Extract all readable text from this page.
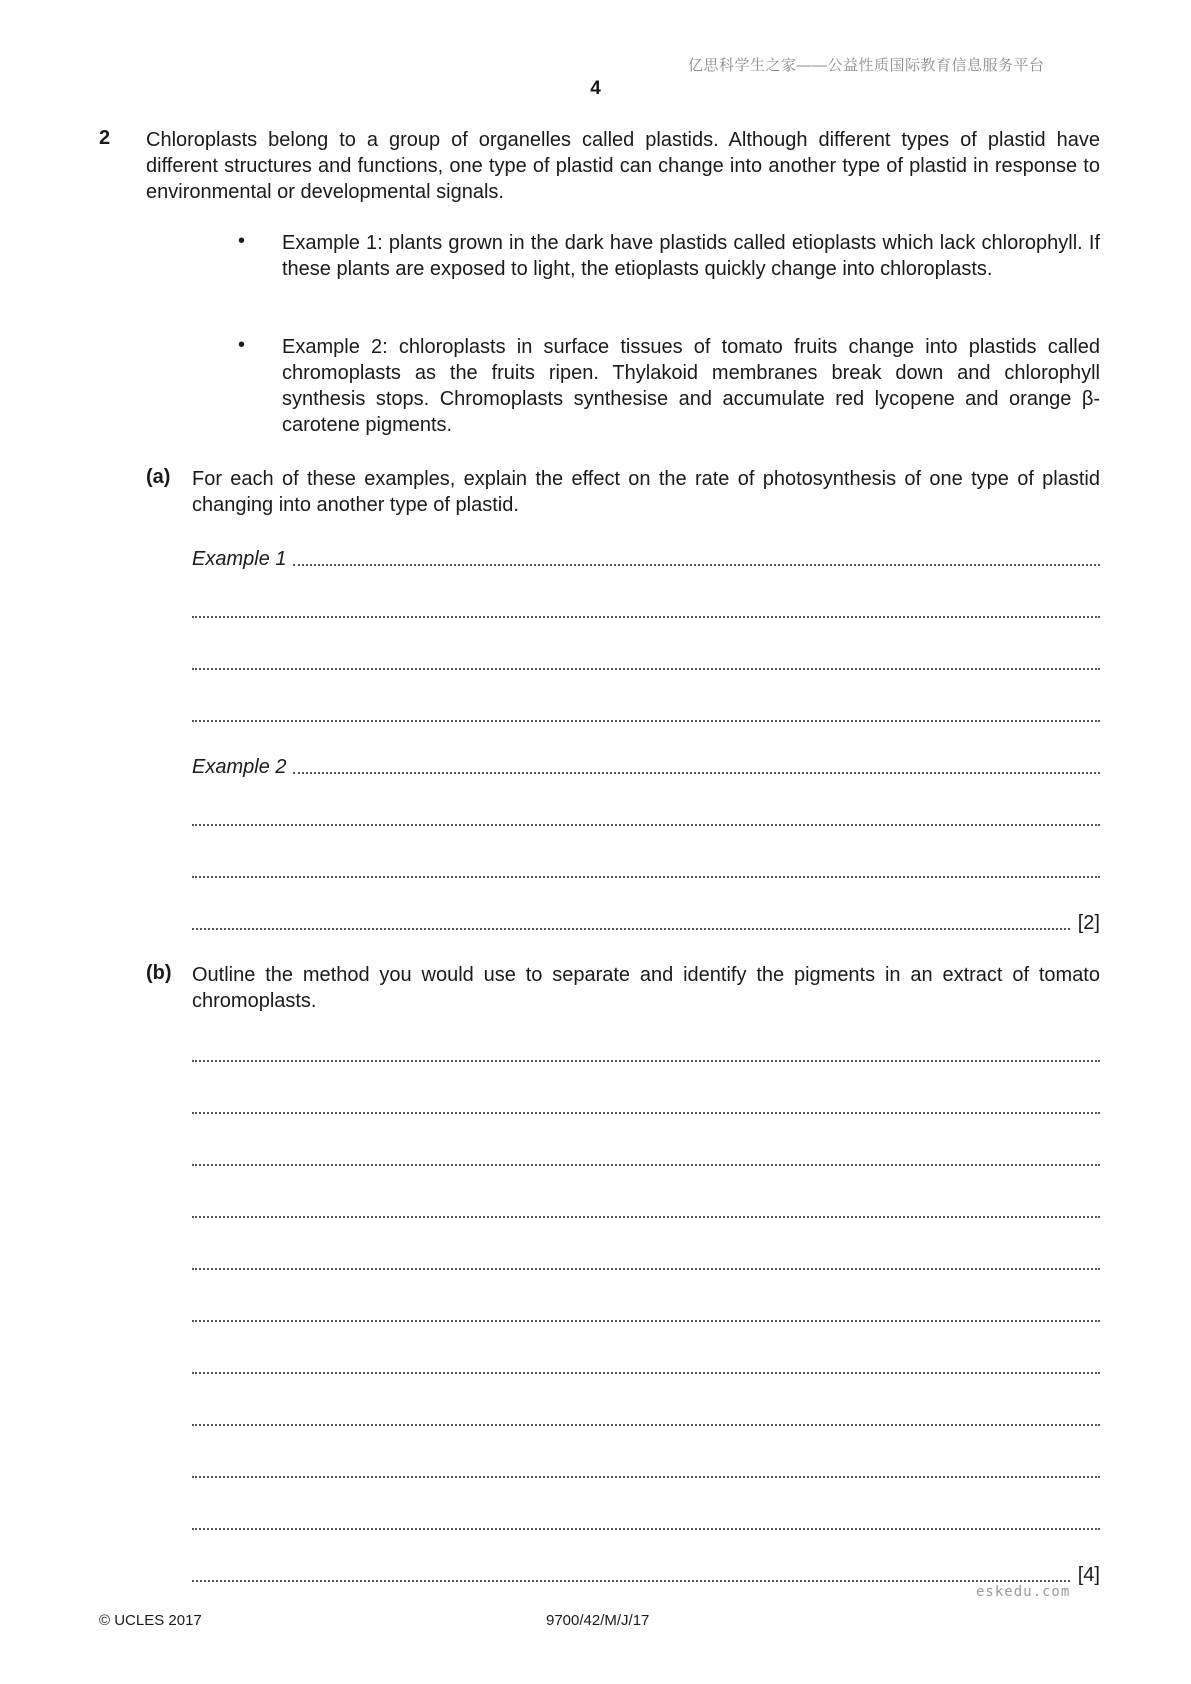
亿思科学生之家——公益性质国际教育信息服务平台
4
2 Chloroplasts belong to a group of organelles called plastids. Although different types of plastid have different structures and functions, one type of plastid can change into another type of plastid in response to environmental or developmental signals.
• Example 1: plants grown in the dark have plastids called etioplasts which lack chlorophyll. If these plants are exposed to light, the etioplasts quickly change into chloroplasts.
• Example 2: chloroplasts in surface tissues of tomato fruits change into plastids called chromoplasts as the fruits ripen. Thylakoid membranes break down and chlorophyll synthesis stops. Chromoplasts synthesise and accumulate red lycopene and orange β-carotene pigments.
(a) For each of these examples, explain the effect on the rate of photosynthesis of one type of plastid changing into another type of plastid.
Example 1
Example 2
[2]
(b) Outline the method you would use to separate and identify the pigments in an extract of tomato chromoplasts.
[4]
eskedu.com
© UCLES 2017	9700/42/M/J/17
